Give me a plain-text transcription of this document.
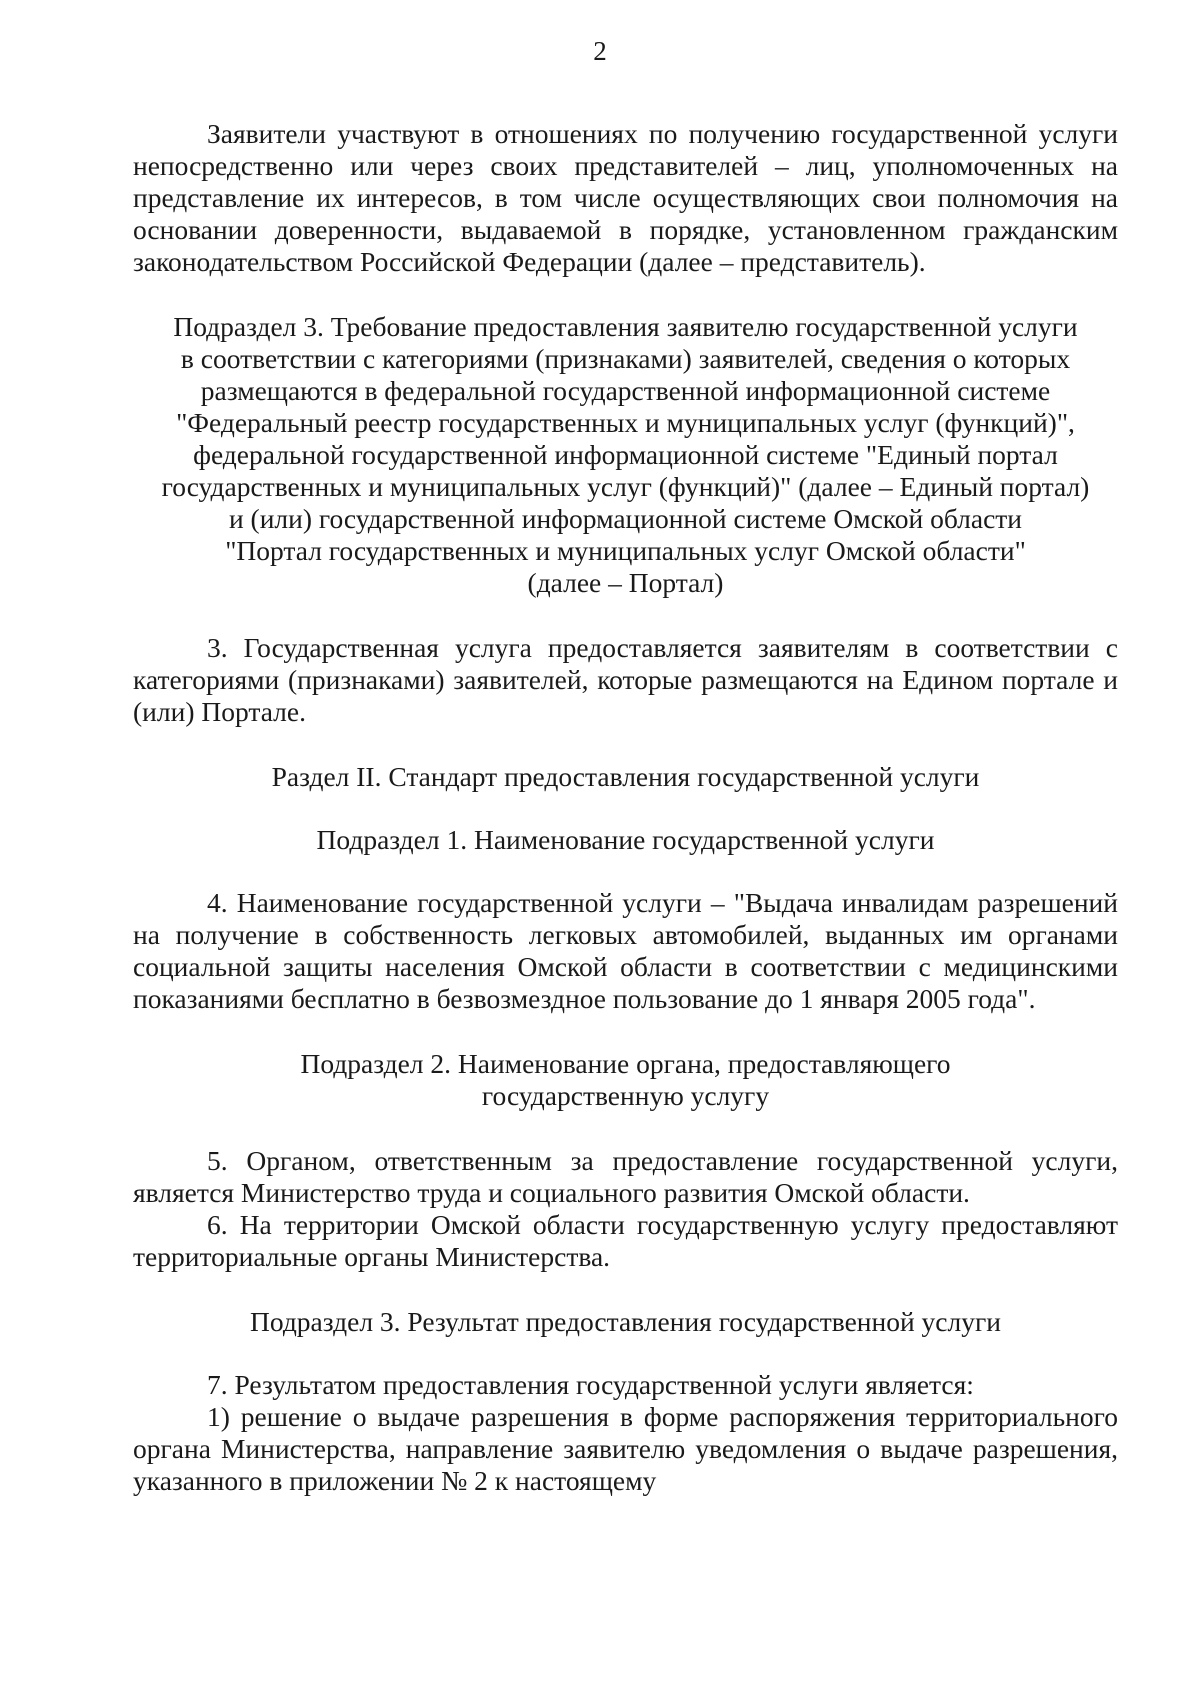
2

Заявители участвуют в отношениях по получению государственной услуги непосредственно или через своих представителей – лиц, уполномоченных на представление их интересов, в том числе осуществляющих свои полномочия на основании доверенности, выдаваемой в порядке, установленном гражданским законодательством Российской Федерации (далее – представитель).

Подраздел 3. Требование предоставления заявителю государственной услуги
в соответствии с категориями (признаками) заявителей, сведения о которых
размещаются в федеральной государственной информационной системе
"Федеральный реестр государственных и муниципальных услуг (функций)",
федеральной государственной информационной системе "Единый портал
государственных и муниципальных услуг (функций)" (далее – Единый портал)
и (или) государственной информационной системе Омской области
"Портал государственных и муниципальных услуг Омской области"
(далее – Портал)

3. Государственная услуга предоставляется заявителям в соответствии с категориями (признаками) заявителей, которые размещаются на Едином портале и (или) Портале.

Раздел II. Стандарт предоставления государственной услуги
Подраздел 1. Наименование государственной услуги

4. Наименование государственной услуги – "Выдача инвалидам разрешений на получение в собственность легковых автомобилей, выданных им органами социальной защиты населения Омской области в соответствии с медицинскими показаниями бесплатно в безвозмездное пользование до 1 января 2005 года".

Подраздел 2. Наименование органа, предоставляющего
государственную услугу

5. Органом, ответственным за предоставление государственной услуги, является Министерство труда и социального развития Омской области.

6. На территории Омской области государственную услугу предоставляют территориальные органы Министерства.

Подраздел 3. Результат предоставления государственной услуги

7. Результатом предоставления государственной услуги является:

1) решение о выдаче разрешения в форме распоряжения территориального органа Министерства, направление заявителю уведомления о выдаче разрешения, указанного в приложении № 2 к настоящему
